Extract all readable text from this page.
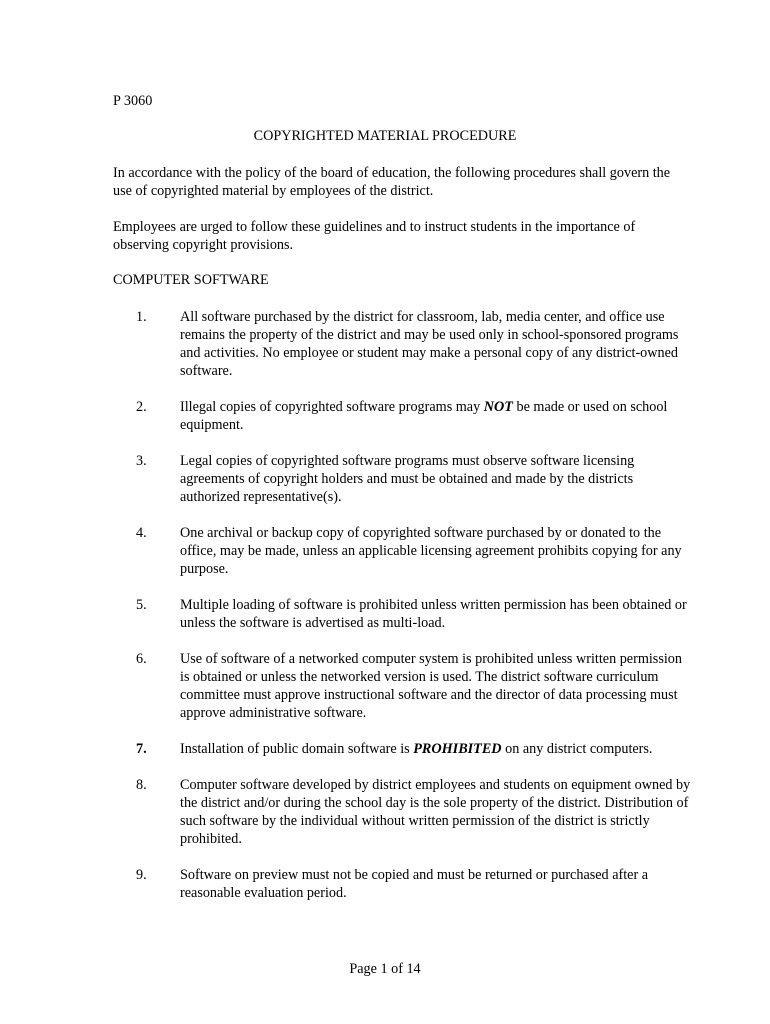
P 3060
COPYRIGHTED MATERIAL PROCEDURE
In accordance with the policy of the board of education, the following procedures shall govern the use of copyrighted material by employees of the district.
Employees are urged to follow these guidelines and to instruct students in the importance of observing copyright provisions.
COMPUTER SOFTWARE
1.	All software purchased by the district for classroom, lab, media center, and office use remains the property of the district and may be used only in school-sponsored programs and activities. No employee or student may make a personal copy of any district-owned software.
2.	Illegal copies of copyrighted software programs may NOT be made or used on school equipment.
3.	Legal copies of copyrighted software programs must observe software licensing agreements of copyright holders and must be obtained and made by the districts authorized representative(s).
4.	One archival or backup copy of copyrighted software purchased by or donated to the office, may be made, unless an applicable licensing agreement prohibits copying for any purpose.
5.	Multiple loading of software is prohibited unless written permission has been obtained or unless the software is advertised as multi-load.
6.	Use of software of a networked computer system is prohibited unless written permission is obtained or unless the networked version is used. The district software curriculum committee must approve instructional software and the director of data processing must approve administrative software.
7.	Installation of public domain software is PROHIBITED on any district computers.
8.	Computer software developed by district employees and students on equipment owned by the district and/or during the school day is the sole property of the district. Distribution of such software by the individual without written permission of the district is strictly prohibited.
9.	Software on preview must not be copied and must be returned or purchased after a reasonable evaluation period.
Page 1 of 14
